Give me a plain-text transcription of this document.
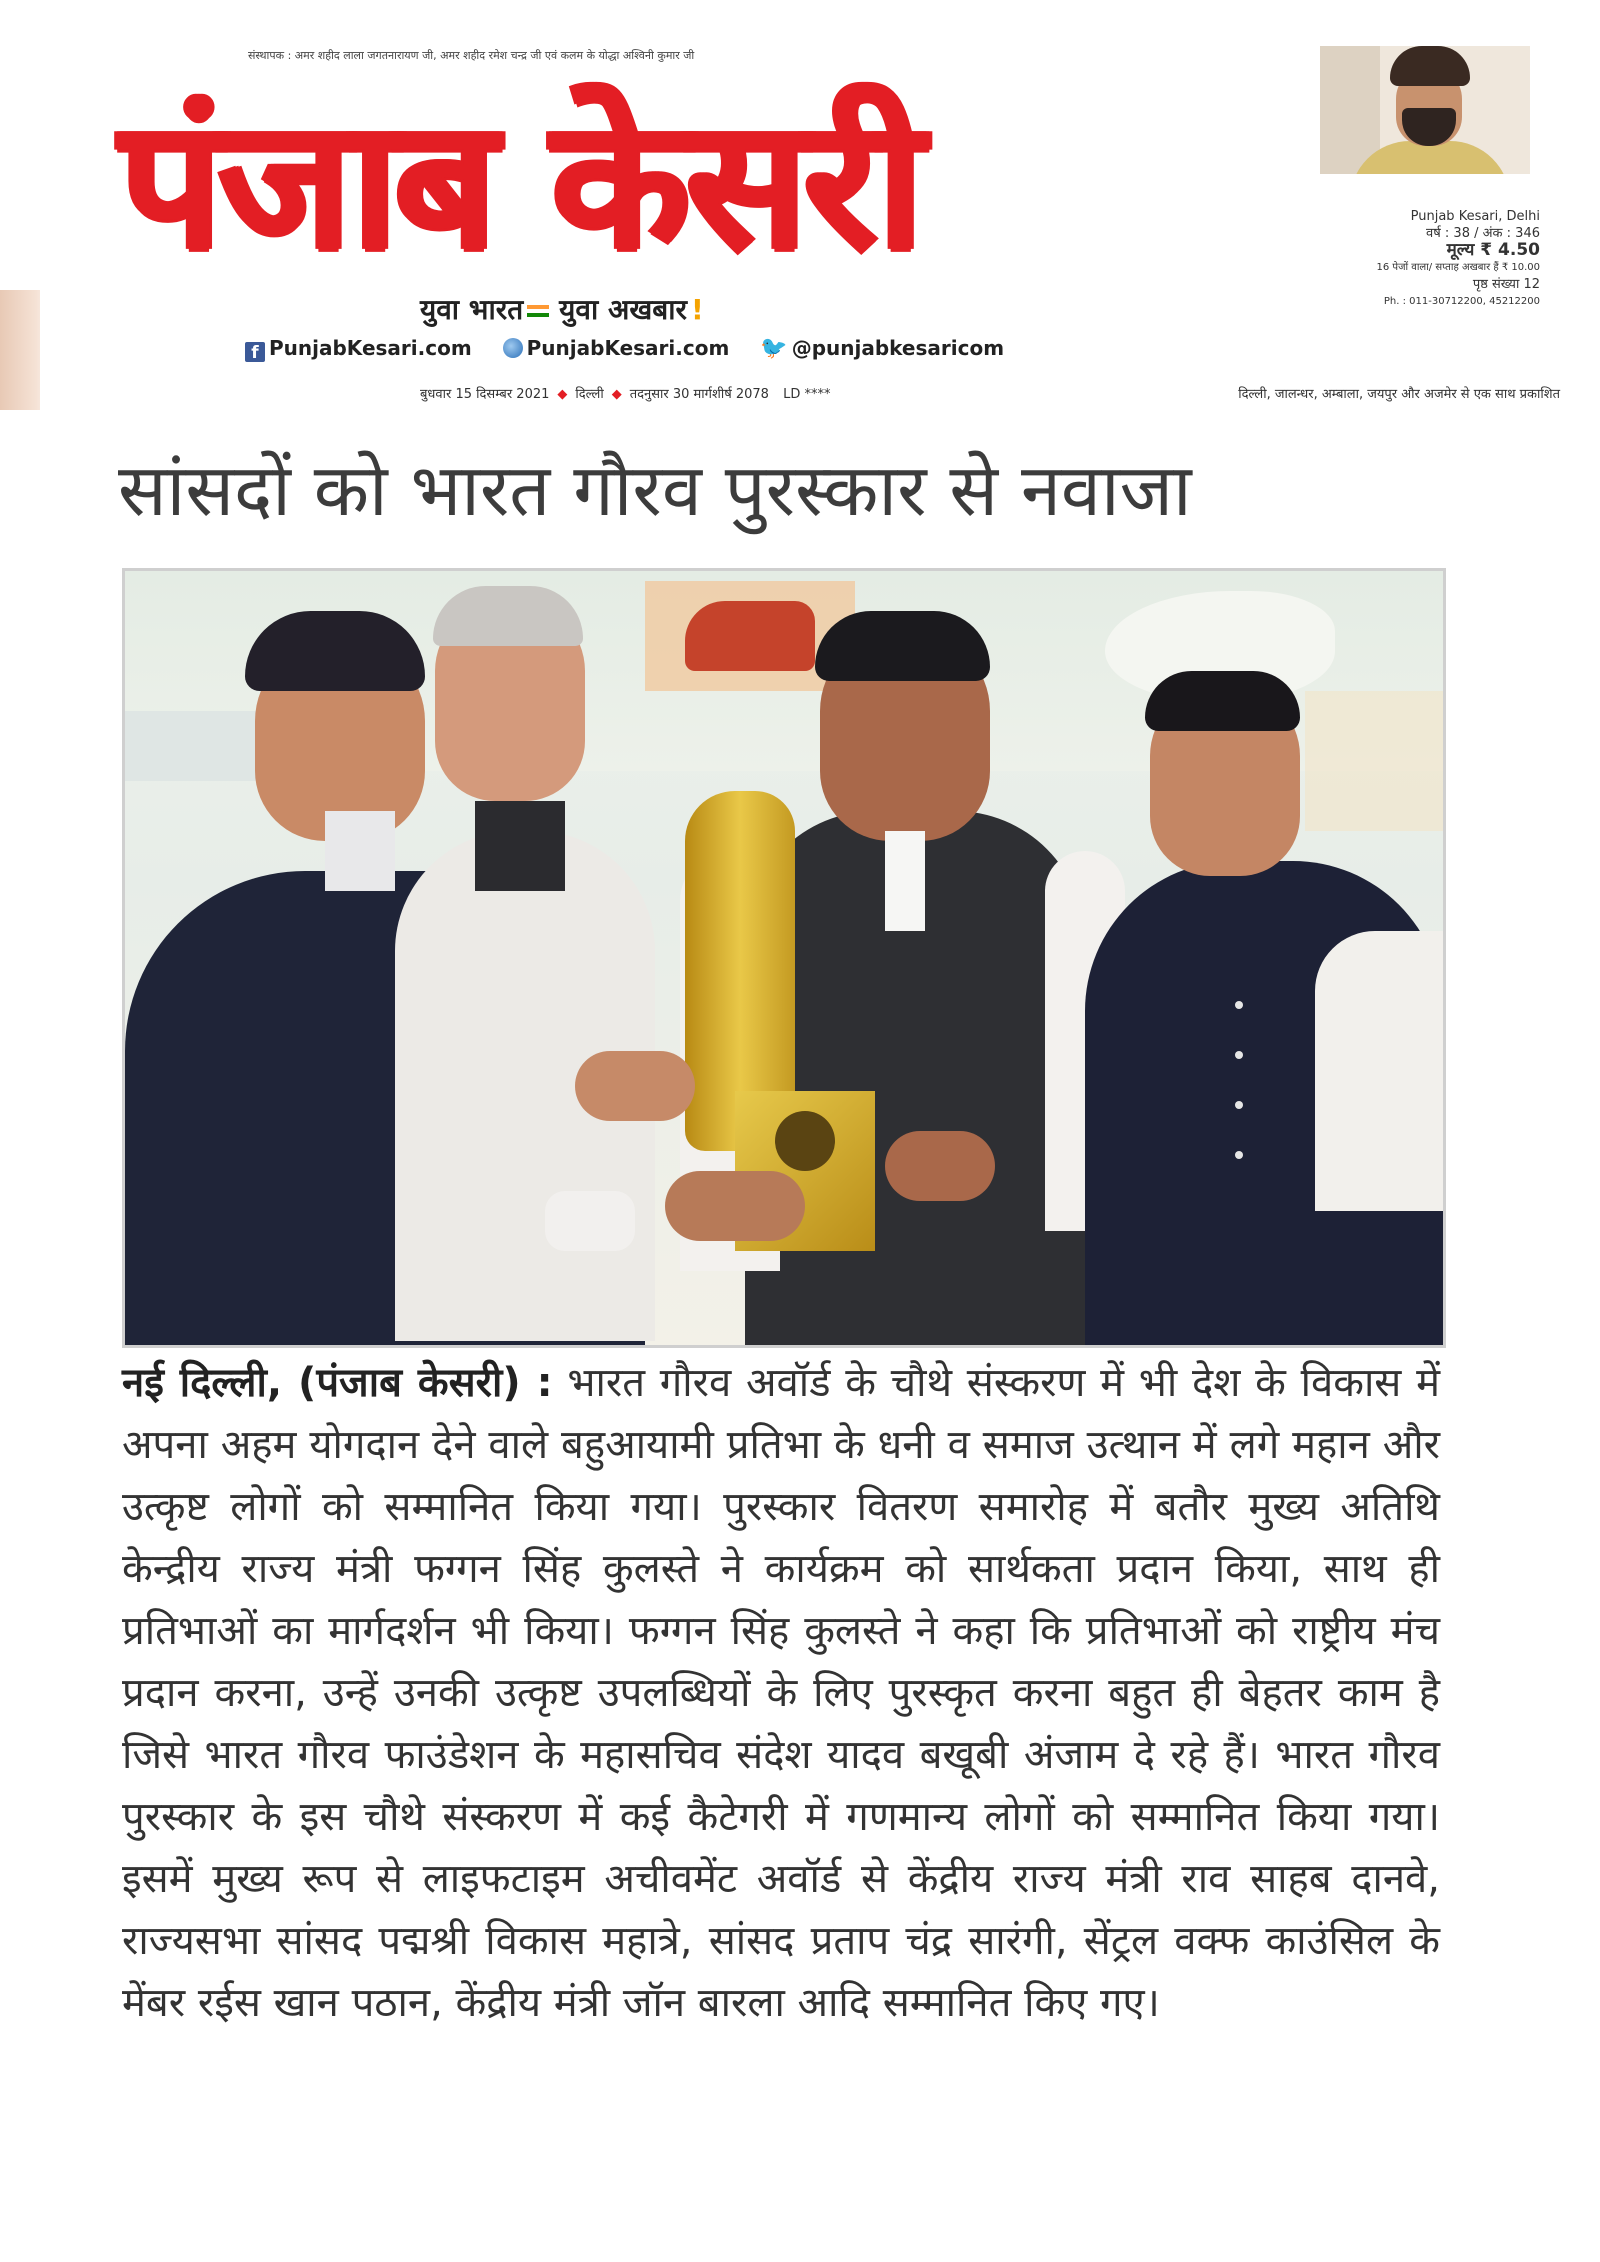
संस्थापक : अमर शहीद लाला जगतनारायण जी, अमर शहीद रमेश चन्द्र जी एवं कलम के योद्धा अश्विनी कुमार जी
पंजाब केसरी
युवा भारत युवा अखबार !
f PunjabKesari.com	PunjabKesari.com 🐦 @punjabkesaricom
बुधवार 15 दिसम्बर 2021 ◆ दिल्ली ◆ तदनुसार 30 मार्गशीर्ष 2078 LD ****
Punjab Kesari, Delhi
वर्ष : 38 / अंक : 346
मूल्य ₹ 4.50
16 पेजों वाला/ सप्ताह अखबार हैं ₹ 10.00
पृष्ठ संख्या 12
Ph. : 011-30712200, 45212200
दिल्ली, जालन्धर, अम्बाला, जयपुर और अजमेर से एक साथ प्रकाशित
सांसदों को भारत गौरव पुरस्कार से नवाजा
नई दिल्ली, (पंजाब केसरी) : भारत गौरव अवॉर्ड के चौथे संस्करण में भी देश के विकास में अपना अहम योगदान देने वाले बहुआयामी प्रतिभा के धनी व समाज उत्थान में लगे महान और उत्कृष्ट लोगों को सम्मानित किया गया। पुरस्कार वितरण समारोह में बतौर मुख्य अतिथि केन्द्रीय राज्य मंत्री फग्गन सिंह कुलस्ते ने कार्यक्रम को सार्थकता प्रदान किया, साथ ही प्रतिभाओं का मार्गदर्शन भी किया। फग्गन सिंह कुलस्ते ने कहा कि प्रतिभाओं को राष्ट्रीय मंच प्रदान करना, उन्हें उनकी उत्कृष्ट उपलब्धियों के लिए पुरस्कृत करना बहुत ही बेहतर काम है जिसे भारत गौरव फाउंडेशन के महासचिव संदेश यादव बखूबी अंजाम दे रहे हैं। भारत गौरव पुरस्कार के इस चौथे संस्करण में कई कैटेगरी में गणमान्य लोगों को सम्मानित किया गया। इसमें मुख्य रूप से लाइफटाइम अचीवमेंट अवॉर्ड से केंद्रीय राज्य मंत्री राव साहब दानवे, राज्यसभा सांसद पद्मश्री विकास महात्रे, सांसद प्रताप चंद्र सारंगी, सेंट्रल वक्फ काउंसिल के मेंबर रईस खान पठान, केंद्रीय मंत्री जॉन बारला आदि सम्मानित किए गए।
